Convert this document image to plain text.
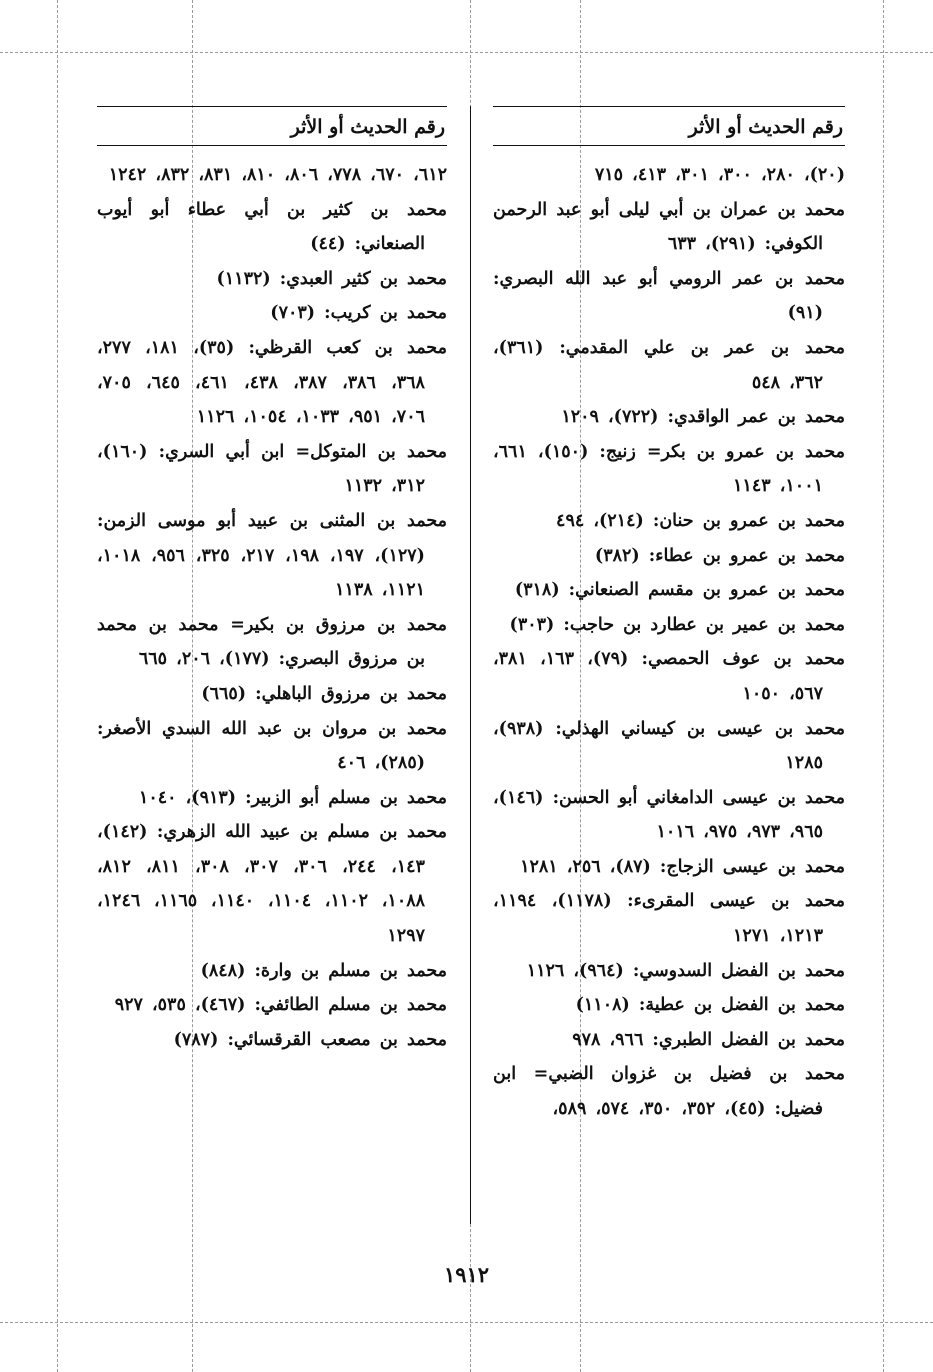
رقم الحديث أو الأثر
(٢٠)، ٢٨٠، ٣٠٠، ٣٠١، ٤١٣، ٧١٥
محمد بن عمران بن أبي ليلى أبو عبد الرحمن الكوفي: (٢٩١)، ٦٣٣
محمد بن عمر الرومي أبو عبد الله البصري: (٩١)
محمد بن عمر بن علي المقدمي: (٣٦١)، ٣٦٢، ٥٤٨
محمد بن عمر الواقدي: (٧٢٢)، ١٢٠٩
محمد بن عمرو بن بكر= زنيج: (١٥٠)، ٦٦١، ١٠٠١، ١١٤٣
محمد بن عمرو بن حنان: (٢١٤)، ٤٩٤
محمد بن عمرو بن عطاء: (٣٨٢)
محمد بن عمرو بن مقسم الصنعاني: (٣١٨)
محمد بن عمير بن عطارد بن حاجب: (٣٠٣)
محمد بن عوف الحمصي: (٧٩)، ١٦٣، ٣٨١، ٥٦٧، ١٠٥٠
محمد بن عيسى بن كيساني الهذلي: (٩٣٨)، ١٢٨٥
محمد بن عيسى الدامغاني أبو الحسن: (١٤٦)، ٩٦٥، ٩٧٣، ٩٧٥، ١٠١٦
محمد بن عيسى الزجاج: (٨٧)، ٢٥٦، ١٢٨١
محمد بن عيسى المقرىء: (١١٧٨)، ١١٩٤، ١٢١٣، ١٢٧١
محمد بن الفضل السدوسي: (٩٦٤)، ١١٢٦
محمد بن الفضل بن عطية: (١١٠٨)
محمد بن الفضل الطبري: ٩٦٦، ٩٧٨
محمد بن فضيل بن غزوان الضبي= ابن فضيل: (٤٥)، ٣٥٢، ٣٥٠، ٥٧٤، ٥٨٩،
رقم الحديث أو الأثر
٦١٢، ٦٧٠، ٧٧٨، ٨٠٦، ٨١٠، ٨٣١، ٨٣٢، ١٢٤٢
محمد بن كثير بن أبي عطاء أبو أيوب الصنعاني: (٤٤)
محمد بن كثير العبدي: (١١٣٢)
محمد بن كريب: (٧٠٣)
محمد بن كعب القرظي: (٣٥)، ١٨١، ٢٧٧، ٣٦٨، ٣٨٦، ٣٨٧، ٤٣٨، ٤٦١، ٦٤٥، ٧٠٥، ٧٠٦، ٩٥١، ١٠٣٣، ١٠٥٤، ١١٢٦
محمد بن المتوكل= ابن أبي السري: (١٦٠)، ٣١٢، ١١٣٢
محمد بن المثنى بن عبيد أبو موسى الزمن: (١٢٧)، ١٩٧، ١٩٨، ٢١٧، ٣٢٥، ٩٥٦، ١٠١٨، ١١٢١، ١١٣٨
محمد بن مرزوق بن بكير= محمد بن محمد بن مرزوق البصري: (١٧٧)، ٢٠٦، ٦٦٥
محمد بن مرزوق الباهلي: (٦٦٥)
محمد بن مروان بن عبد الله السدي الأصغر: (٢٨٥)، ٤٠٦
محمد بن مسلم أبو الزبير: (٩١٣)، ١٠٤٠
محمد بن مسلم بن عبيد الله الزهري: (١٤٢)، ١٤٣، ٢٤٤، ٣٠٦، ٣٠٧، ٣٠٨، ٨١١، ٨١٢، ١٠٨٨، ١١٠٢، ١١٠٤، ١١٤٠، ١١٦٥، ١٢٤٦، ١٢٩٧
محمد بن مسلم بن وارة: (٨٤٨)
محمد بن مسلم الطائفي: (٤٦٧)، ٥٣٥، ٩٢٧
محمد بن مصعب القرقسائي: (٧٨٧)
١٩١٢
